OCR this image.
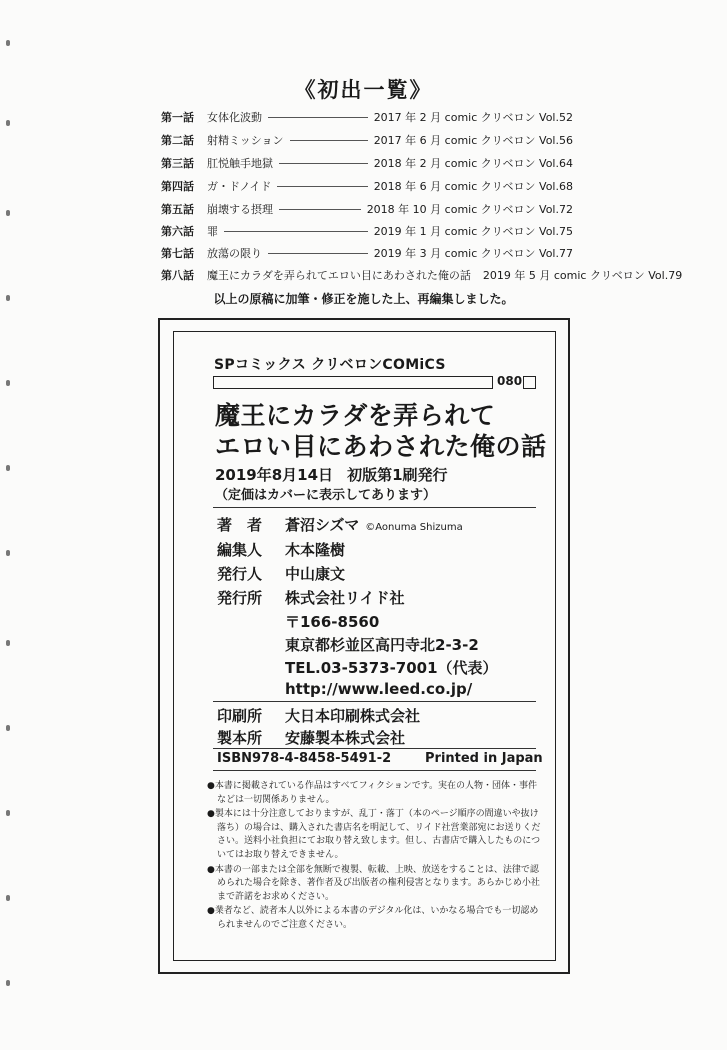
《初出一覧》
第一話	女体化波動	2017 年 2 月 comic クリベロン Vol.52
第二話	射精ミッション	2017 年 6 月 comic クリベロン Vol.56
第三話	肛悦触手地獄	2018 年 2 月 comic クリベロン Vol.64
第四話	ガ・ドノイド	2018 年 6 月 comic クリベロン Vol.68
第五話	崩壊する摂理	2018 年 10 月 comic クリベロン Vol.72
第六話	罪	2019 年 1 月 comic クリベロン Vol.75
第七話	放蕩の限り	2019 年 3 月 comic クリベロン Vol.77
第八話	魔王にカラダを弄られてエロい目にあわされた俺の話 2019 年 5 月 comic クリベロン Vol.79
以上の原稿に加筆・修正を施した上、再編集しました。
SPコミックス クリベロンCOMiCS
080
魔王にカラダを弄られて
エロい目にあわされた俺の話
2019年8月14日 初版第1刷発行
（定価はカバーに表示してあります）
著　者 蒼沼シズマ ©Aonuma Shizuma
編集人 木本隆樹
発行人 中山康文
発行所 株式会社リイド社
〒166-8560
東京都杉並区高円寺北2-3-2
TEL.03-5373-7001（代表）
http://www.leed.co.jp/
印刷所 大日本印刷株式会社
製本所 安藤製本株式会社
ISBN978-4-8458-5491-2	Printed in Japan

●本書に掲載されている作品はすべてフィクションです。実在の人物・団体・事件などは一切関係ありません。

●製本には十分注意しておりますが、乱丁・落丁（本のページ順序の間違いや抜け落ち）の場合は、購入された書店名を明記して、リイド社営業部宛にお送りください。送料小社負担にてお取り替え致します。但し、古書店で購入したものについてはお取り替えできません。

●本書の一部または全部を無断で複製、転載、上映、放送をすることは、法律で認められた場合を除き、著作者及び出版者の権利侵害となります。あらかじめ小社まで許諾をお求めください。

●業者など、読者本人以外による本書のデジタル化は、いかなる場合でも一切認められませんのでご注意ください。
